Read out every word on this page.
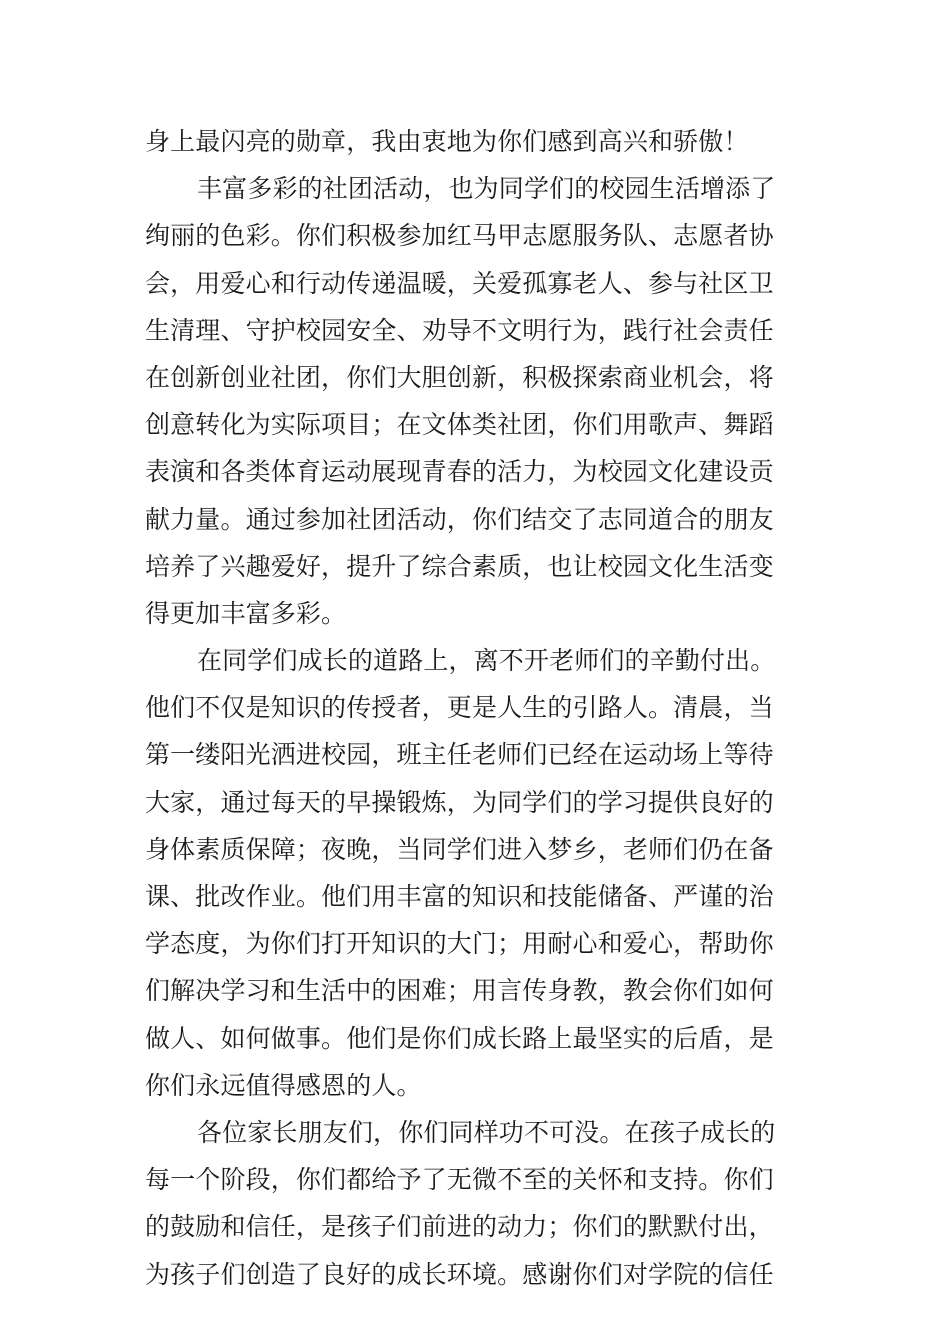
身上最闪亮的勋章，我由衷地为你们感到高兴和骄傲！
丰富多彩的社团活动，也为同学们的校园生活增添了
绚丽的色彩。你们积极参加红马甲志愿服务队、志愿者协
会，用爱心和行动传递温暖，关爱孤寡老人、参与社区卫
生清理、守护校园安全、劝导不文明行为，践行社会责任
在创新创业社团，你们大胆创新，积极探索商业机会，将
创意转化为实际项目；在文体类社团，你们用歌声、舞蹈
表演和各类体育运动展现青春的活力，为校园文化建设贡
献力量。通过参加社团活动，你们结交了志同道合的朋友
培养了兴趣爱好，提升了综合素质，也让校园文化生活变
得更加丰富多彩。
在同学们成长的道路上，离不开老师们的辛勤付出。
他们不仅是知识的传授者，更是人生的引路人。清晨，当
第一缕阳光洒进校园，班主任老师们已经在运动场上等待
大家，通过每天的早操锻炼，为同学们的学习提供良好的
身体素质保障；夜晚，当同学们进入梦乡，老师们仍在备
课、批改作业。他们用丰富的知识和技能储备、严谨的治
学态度，为你们打开知识的大门；用耐心和爱心，帮助你
们解决学习和生活中的困难；用言传身教，教会你们如何
做人、如何做事。他们是你们成长路上最坚实的后盾，是
你们永远值得感恩的人。
各位家长朋友们，你们同样功不可没。在孩子成长的
每一个阶段，你们都给予了无微不至的关怀和支持。你们
的鼓励和信任，是孩子们前进的动力；你们的默默付出，
为孩子们创造了良好的成长环境。感谢你们对学院的信任
